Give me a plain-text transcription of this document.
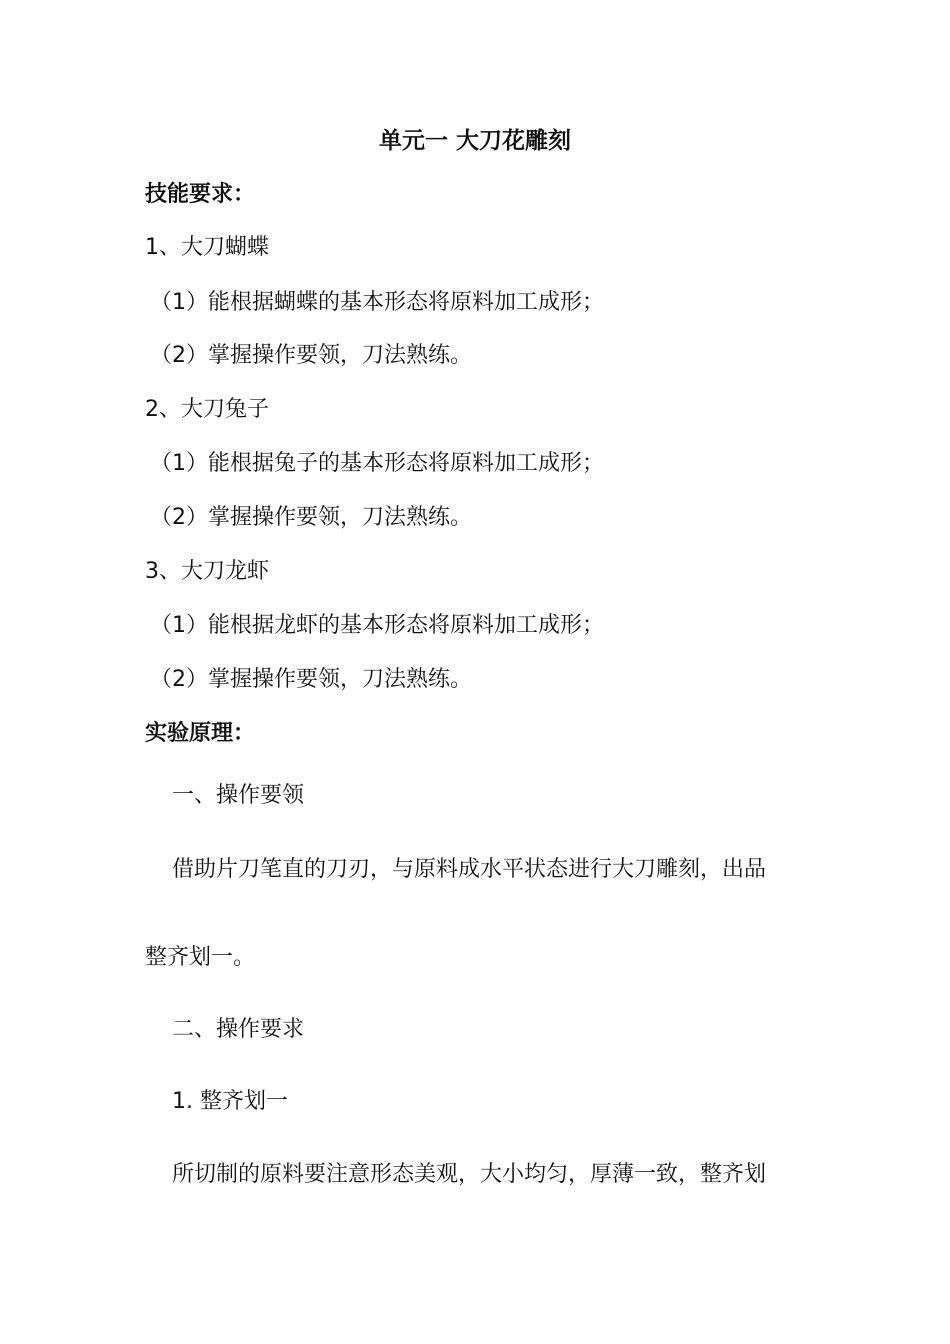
单元一 大刀花雕刻
技能要求：
1、大刀蝴蝶
（1）能根据蝴蝶的基本形态将原料加工成形；
（2）掌握操作要领，刀法熟练。
2、大刀兔子
（1）能根据兔子的基本形态将原料加工成形；
（2）掌握操作要领，刀法熟练。
3、大刀龙虾
（1）能根据龙虾的基本形态将原料加工成形；
（2）掌握操作要领，刀法熟练。
实验原理：
一、操作要领
借助片刀笔直的刀刃，与原料成水平状态进行大刀雕刻，出品
整齐划一。
二、操作要求
1. 整齐划一
所切制的原料要注意形态美观，大小均匀，厚薄一致，整齐划
